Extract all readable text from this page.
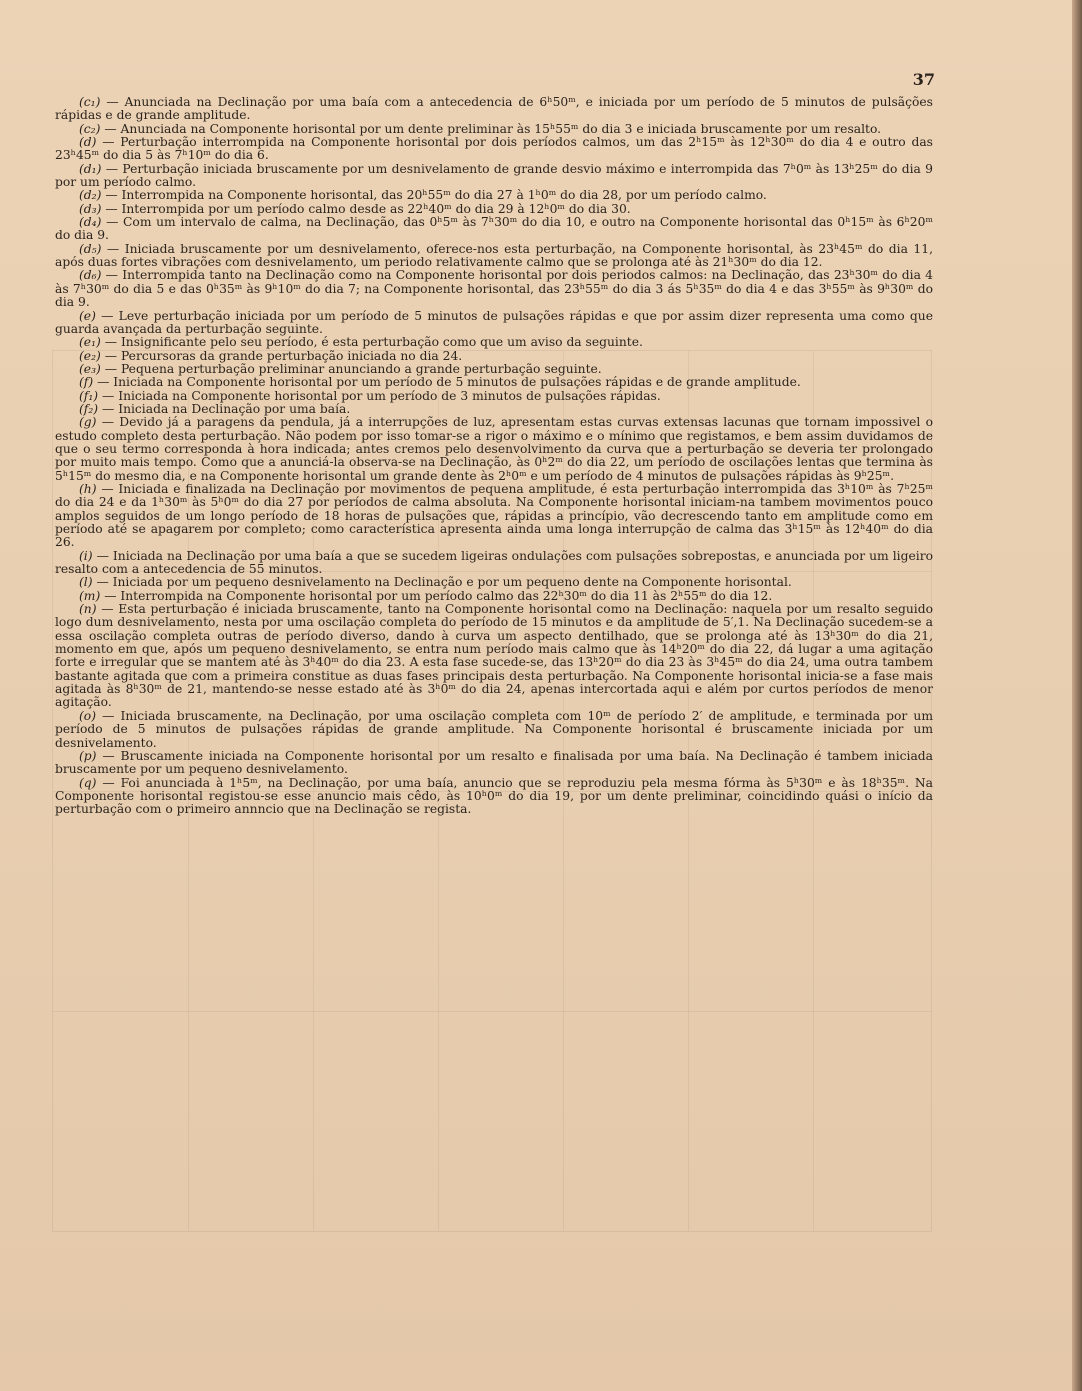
37

(c₁) — Anunciada na Declinação por uma baía com a antecedencia de 6ʰ50ᵐ, e iniciada por um período de 5 minutos de pulsãções rápidas e de grande amplitude.

(c₂) — Anunciada na Componente horisontal por um dente preliminar às 15ʰ55ᵐ do dia 3 e iniciada bruscamente por um resalto.

(d) — Perturbação interrompida na Componente horisontal por dois períodos calmos, um das 2ʰ15ᵐ às 12ʰ30ᵐ do dia 4 e outro das 23ʰ45ᵐ do dia 5 às 7ʰ10ᵐ do dia 6.

(d₁) — Perturbação iniciada bruscamente por um desnivelamento de grande desvio máximo e interrompida das 7ʰ0ᵐ às 13ʰ25ᵐ do dia 9 por um período calmo.

(d₂) — Interrompida na Componente horisontal, das 20ʰ55ᵐ do dia 27 à 1ʰ0ᵐ do dia 28, por um período calmo.

(d₃) — Interrompida por um período calmo desde as 22ʰ40ᵐ do dia 29 à 12ʰ0ᵐ do dia 30.

(d₄) — Com um intervalo de calma, na Declinação, das 0ʰ5ᵐ às 7ʰ30ᵐ do dia 10, e outro na Componente horisontal das 0ʰ15ᵐ às 6ʰ20ᵐ do dia 9.

(d₅) — Iniciada bruscamente por um desnivelamento, oferece-nos esta perturbação, na Componente horisontal, às 23ʰ45ᵐ do dia 11, após duas fortes vibrações com desnivelamento, um periodo relativamente calmo que se prolonga até às 21ʰ30ᵐ do dia 12.

(d₆) — Interrompida tanto na Declinação como na Componente horisontal por dois periodos calmos: na Declinação, das 23ʰ30ᵐ do dia 4 às 7ʰ30ᵐ do dia 5 e das 0ʰ35ᵐ às 9ʰ10ᵐ do dia 7; na Componente horisontal, das 23ʰ55ᵐ do dia 3 ás 5ʰ35ᵐ do dia 4 e das 3ʰ55ᵐ às 9ʰ30ᵐ do dia 9.

(e) — Leve perturbação iniciada por um período de 5 minutos de pulsações rápidas e que por assim dizer representa uma como que guarda avançada da perturbação seguinte.

(e₁) — Insignificante pelo seu período, é esta perturbação como que um aviso da seguinte.

(e₂) — Percursoras da grande perturbação iniciada no dia 24.

(e₃) — Pequena perturbação preliminar anunciando a grande perturbação seguinte.

(f) — Iniciada na Componente horisontal por um período de 5 minutos de pulsações rápidas e de grande amplitude.

(f₁) — Iniciada na Componente horisontal por um período de 3 minutos de pulsações rápidas.

(f₂) — Iniciada na Declinação por uma baía.

(g) — Devido já a paragens da pendula, já a interrupções de luz, apresentam estas curvas extensas lacunas que tornam impossivel o estudo completo desta perturbação. Não podem por isso tomar-se a rigor o máximo e o mínimo que registamos, e bem assim duvidamos de que o seu termo corresponda à hora indicada; antes cremos pelo desenvolvimento da curva que a perturbação se deveria ter prolongado por muito mais tempo. Como que a anunciá-la observa-se na Declinação, às 0ʰ2ᵐ do dia 22, um período de oscilações lentas que termina às 5ʰ15ᵐ do mesmo dia, e na Componente horisontal um grande dente às 2ʰ0ᵐ e um período de 4 minutos de pulsações rápidas às 9ʰ25ᵐ.

(h) — Iniciada e finalizada na Declinação por movimentos de pequena amplitude, é esta perturbação interrompida das 3ʰ10ᵐ às 7ʰ25ᵐ do dia 24 e da 1ʰ30ᵐ às 5ʰ0ᵐ do dia 27 por períodos de calma absoluta. Na Componente horisontal iniciam-na tambem movimentos pouco amplos seguidos de um longo período de 18 horas de pulsações que, rápidas a princípio, vão decrescendo tanto em amplitude como em período até se apagarem por completo; como característica apresenta ainda uma longa interrupção de calma das 3ʰ15ᵐ às 12ʰ40ᵐ do dia 26.

(i) — Iniciada na Declinação por uma baía a que se sucedem ligeiras ondulações com pulsações sobrepostas, e anunciada por um ligeiro resalto com a antecedencia de 55 minutos.

(l) — Iniciada por um pequeno desnivelamento na Declinação e por um pequeno dente na Componente horisontal.

(m) — Interrompida na Componente horisontal por um período calmo das 22ʰ30ᵐ do dia 11 às 2ʰ55ᵐ do dia 12.

(n) — Esta perturbação é iniciada bruscamente, tanto na Componente horisontal como na Declinação: naquela por um resalto seguido logo dum desnivelamento, nesta por uma oscilação completa do período de 15 minutos e da amplitude de 5′,1. Na Declinação sucedem-se a essa oscilação completa outras de período diverso, dando à curva um aspecto dentilhado, que se prolonga até às 13ʰ30ᵐ do dia 21, momento em que, após um pequeno desnivelamento, se entra num período mais calmo que às 14ʰ20ᵐ do dia 22, dá lugar a uma agitação forte e irregular que se mantem até às 3ʰ40ᵐ do dia 23. A esta fase sucede-se, das 13ʰ20ᵐ do dia 23 às 3ʰ45ᵐ do dia 24, uma outra tambem bastante agitada que com a primeira constitue as duas fases principais desta perturbação. Na Componente horisontal inicia-se a fase mais agitada às 8ʰ30ᵐ de 21, mantendo-se nesse estado até às 3ʰ0ᵐ do dia 24, apenas intercortada aqui e além por curtos períodos de menor agitação.

(o) — Iniciada bruscamente, na Declinação, por uma oscilação completa com 10ᵐ de período 2′ de amplitude, e terminada por um período de 5 minutos de pulsações rápidas de grande amplitude. Na Componente horisontal é bruscamente iniciada por um desnivelamento.

(p) — Bruscamente iniciada na Componente horisontal por um resalto e finalisada por uma baía. Na Declinação é tambem iniciada bruscamente por um pequeno desnivelamento.

(q) — Foi anunciada à 1ʰ5ᵐ, na Declinação, por uma baía, anuncio que se reproduziu pela mesma fórma às 5ʰ30ᵐ e às 18ʰ35ᵐ. Na Componente horisontal registou-se esse anuncio mais cêdo, às 10ʰ0ᵐ do dia 19, por um dente preliminar, coincidindo quási o início da perturbação com o primeiro annncio que na Declinação se regista.
